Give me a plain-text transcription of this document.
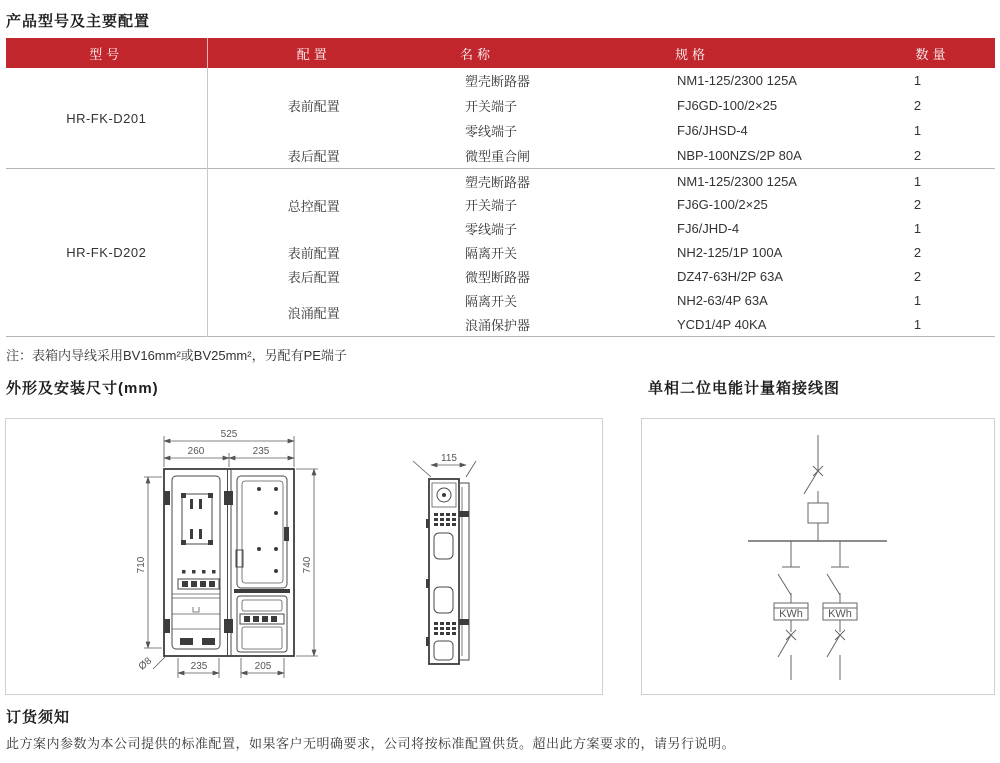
产品型号及主要配置
型号	配置	名称	规格	数量
HR-FK-D201	表前配置	塑壳断路器	NM1-125/2300 125A	1
		开关端子	FJ6GD-100/2×25	2
		零线端子	FJ6/JHSD-4	1
	表后配置	微型重合闸	NBP-100NZS/2P 80A	2
HR-FK-D202	总控配置	塑壳断路器	NM1-125/2300 125A	1
		开关端子	FJ6G-100/2×25	2
		零线端子	FJ6/JHD-4	1
	表前配置	隔离开关	NH2-125/1P 100A	2
	表后配置	微型断路器	DZ47-63H/2P 63A	2
	浪涌配置	隔离开关	NH2-63/4P 63A	1
		浪涌保护器	YCD1/4P 40KA	1
注：表箱内导线采用BV16mm²或BV25mm²，另配有PE端子
外形及安装尺寸(mm)	单相二位电能计量箱接线图
525
260	235
710	740
235	205
Ø8
115
KWh KWh
订货须知
此方案内参数为本公司提供的标准配置，如果客户无明确要求，公司将按标准配置供货。超出此方案要求的，请另行说明。
